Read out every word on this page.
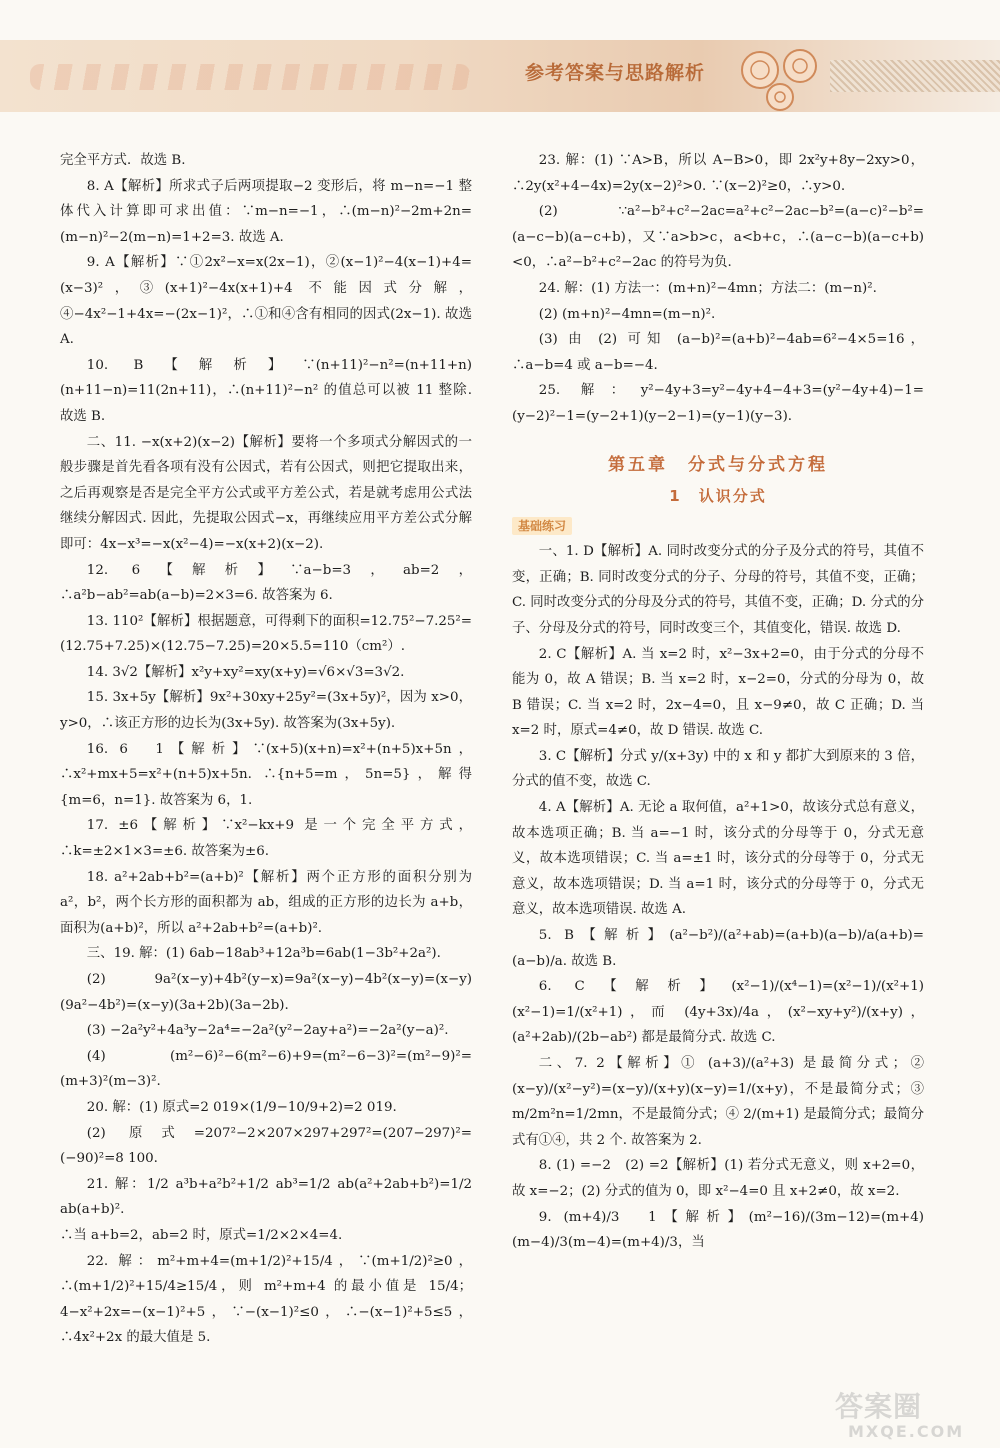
参考答案与思路解析

完全平方式．故选 B.

8. A【解析】所求式子后两项提取−2 变形后，将 m−n=−1 整体代入计算即可求出值：∵m−n=−1，∴(m−n)²−2m+2n=(m−n)²−2(m−n)=1+2=3. 故选 A.

9. A【解析】∵①2x²−x=x(2x−1)，②(x−1)²−4(x−1)+4=(x−3)²，③(x+1)²−4x(x+1)+4 不能因式分解，④−4x²−1+4x=−(2x−1)²，∴①和④含有相同的因式(2x−1). 故选 A.

10. B【解析】∵(n+11)²−n²=(n+11+n)(n+11−n)=11(2n+11)，∴(n+11)²−n² 的值总可以被 11 整除. 故选 B.

二、11. −x(x+2)(x−2)【解析】要将一个多项式分解因式的一般步骤是首先看各项有没有公因式，若有公因式，则把它提取出来，之后再观察是否是完全平方公式或平方差公式，若是就考虑用公式法继续分解因式. 因此，先提取公因式−x，再继续应用平方差公式分解即可：4x−x³=−x(x²−4)=−x(x+2)(x−2).

12. 6【解析】∵a−b=3，ab=2，∴a²b−ab²=ab(a−b)=2×3=6. 故答案为 6.

13. 110²【解析】根据题意，可得剩下的面积=12.75²−7.25²=(12.75+7.25)×(12.75−7.25)=20×5.5=110（cm²）.

14. 3√2【解析】x²y+xy²=xy(x+y)=√6×√3=3√2.

15. 3x+5y【解析】9x²+30xy+25y²=(3x+5y)²，因为 x>0，y>0，∴该正方形的边长为(3x+5y). 故答案为(3x+5y).

16. 6　1【解析】∵(x+5)(x+n)=x²+(n+5)x+5n，∴x²+mx+5=x²+(n+5)x+5n. ∴{n+5=m，5n=5}，解得{m=6，n=1}. 故答案为 6，1.

17. ±6【解析】∵x²−kx+9 是一个完全平方式，∴k=±2×1×3=±6. 故答案为±6.

18. a²+2ab+b²=(a+b)²【解析】两个正方形的面积分别为 a²，b²，两个长方形的面积都为 ab，组成的正方形的边长为 a+b，面积为(a+b)²，所以 a²+2ab+b²=(a+b)².

三、19. 解：(1) 6ab−18ab³+12a³b=6ab(1−3b²+2a²).

(2) 9a²(x−y)+4b²(y−x)=9a²(x−y)−4b²(x−y)=(x−y)(9a²−4b²)=(x−y)(3a+2b)(3a−2b).

(3) −2a²y²+4a³y−2a⁴=−2a²(y²−2ay+a²)=−2a²(y−a)².

(4) (m²−6)²−6(m²−6)+9=(m²−6−3)²=(m²−9)²=(m+3)²(m−3)².

20. 解：(1) 原式=2 019×(1/9−10/9+2)=2 019.

(2) 原式=207²−2×207×297+297²=(207−297)²=(−90)²=8 100.

21. 解：1/2 a³b+a²b²+1/2 ab³=1/2 ab(a²+2ab+b²)=1/2 ab(a+b)².

∴当 a+b=2，ab=2 时，原式=1/2×2×4=4.

22. 解：m²+m+4=(m+1/2)²+15/4，∵(m+1/2)²≥0，∴(m+1/2)²+15/4≥15/4，则 m²+m+4 的最小值是 15/4；4−x²+2x=−(x−1)²+5，∵−(x−1)²≤0，∴−(x−1)²+5≤5，∴4x²+2x 的最大值是 5.

23. 解：(1) ∵A>B，所以 A−B>0，即 2x²y+8y−2xy>0，∴2y(x²+4−4x)=2y(x−2)²>0. ∵(x−2)²≥0，∴y>0.

(2) ∵a²−b²+c²−2ac=a²+c²−2ac−b²=(a−c)²−b²=(a−c−b)(a−c+b)，又∵a>b>c，a<b+c，∴(a−c−b)(a−c+b)<0，∴a²−b²+c²−2ac 的符号为负.

24. 解：(1) 方法一：(m+n)²−4mn；方法二：(m−n)².

(2) (m+n)²−4mn=(m−n)².

(3) 由 (2) 可知 (a−b)²=(a+b)²−4ab=6²−4×5=16，∴a−b=4 或 a−b=−4.

25. 解：y²−4y+3=y²−4y+4−4+3=(y²−4y+4)−1=(y−2)²−1=(y−2+1)(y−2−1)=(y−1)(y−3).

第五章　分式与分式方程
1　认识分式
基础练习

一、1. D【解析】A. 同时改变分式的分子及分式的符号，其值不变，正确；B. 同时改变分式的分子、分母的符号，其值不变，正确；C. 同时改变分式的分母及分式的符号，其值不变，正确；D. 分式的分子、分母及分式的符号，同时改变三个，其值变化，错误. 故选 D.

2. C【解析】A. 当 x=2 时，x²−3x+2=0，由于分式的分母不能为 0，故 A 错误；B. 当 x=2 时，x−2=0，分式的分母为 0，故 B 错误；C. 当 x=2 时，2x−4=0，且 x−9≠0，故 C 正确；D. 当 x=2 时，原式=4≠0，故 D 错误. 故选 C.

3. C【解析】分式 y/(x+3y) 中的 x 和 y 都扩大到原来的 3 倍，分式的值不变，故选 C.

4. A【解析】A. 无论 a 取何值，a²+1>0，故该分式总有意义，故本选项正确；B. 当 a=−1 时，该分式的分母等于 0，分式无意义，故本选项错误；C. 当 a=±1 时，该分式的分母等于 0，分式无意义，故本选项错误；D. 当 a=1 时，该分式的分母等于 0，分式无意义，故本选项错误. 故选 A.

5. B【解析】(a²−b²)/(a²+ab)=(a+b)(a−b)/a(a+b)=(a−b)/a. 故选 B.

6. C【解析】(x²−1)/(x⁴−1)=(x²−1)/(x²+1)(x²−1)=1/(x²+1)，而 (4y+3x)/4a，(x²−xy+y²)/(x+y)，(a²+2ab)/(2b−ab²) 都是最简分式. 故选 C.

二、7. 2【解析】① (a+3)/(a²+3) 是最简分式；② (x−y)/(x²−y²)=(x−y)/(x+y)(x−y)=1/(x+y)，不是最简分式；③ m/2m²n=1/2mn，不是最简分式；④ 2/(m+1) 是最简分式；最简分式有①④，共 2 个. 故答案为 2.

8. (1) =−2　(2) =2【解析】(1) 若分式无意义，则 x+2=0，故 x=−2；(2) 分式的值为 0，即 x²−4=0 且 x+2≠0，故 x=2.

9. (m+4)/3　1【解析】(m²−16)/(3m−12)=(m+4)(m−4)/3(m−4)=(m+4)/3，当

答案圈
MXQE.COM
